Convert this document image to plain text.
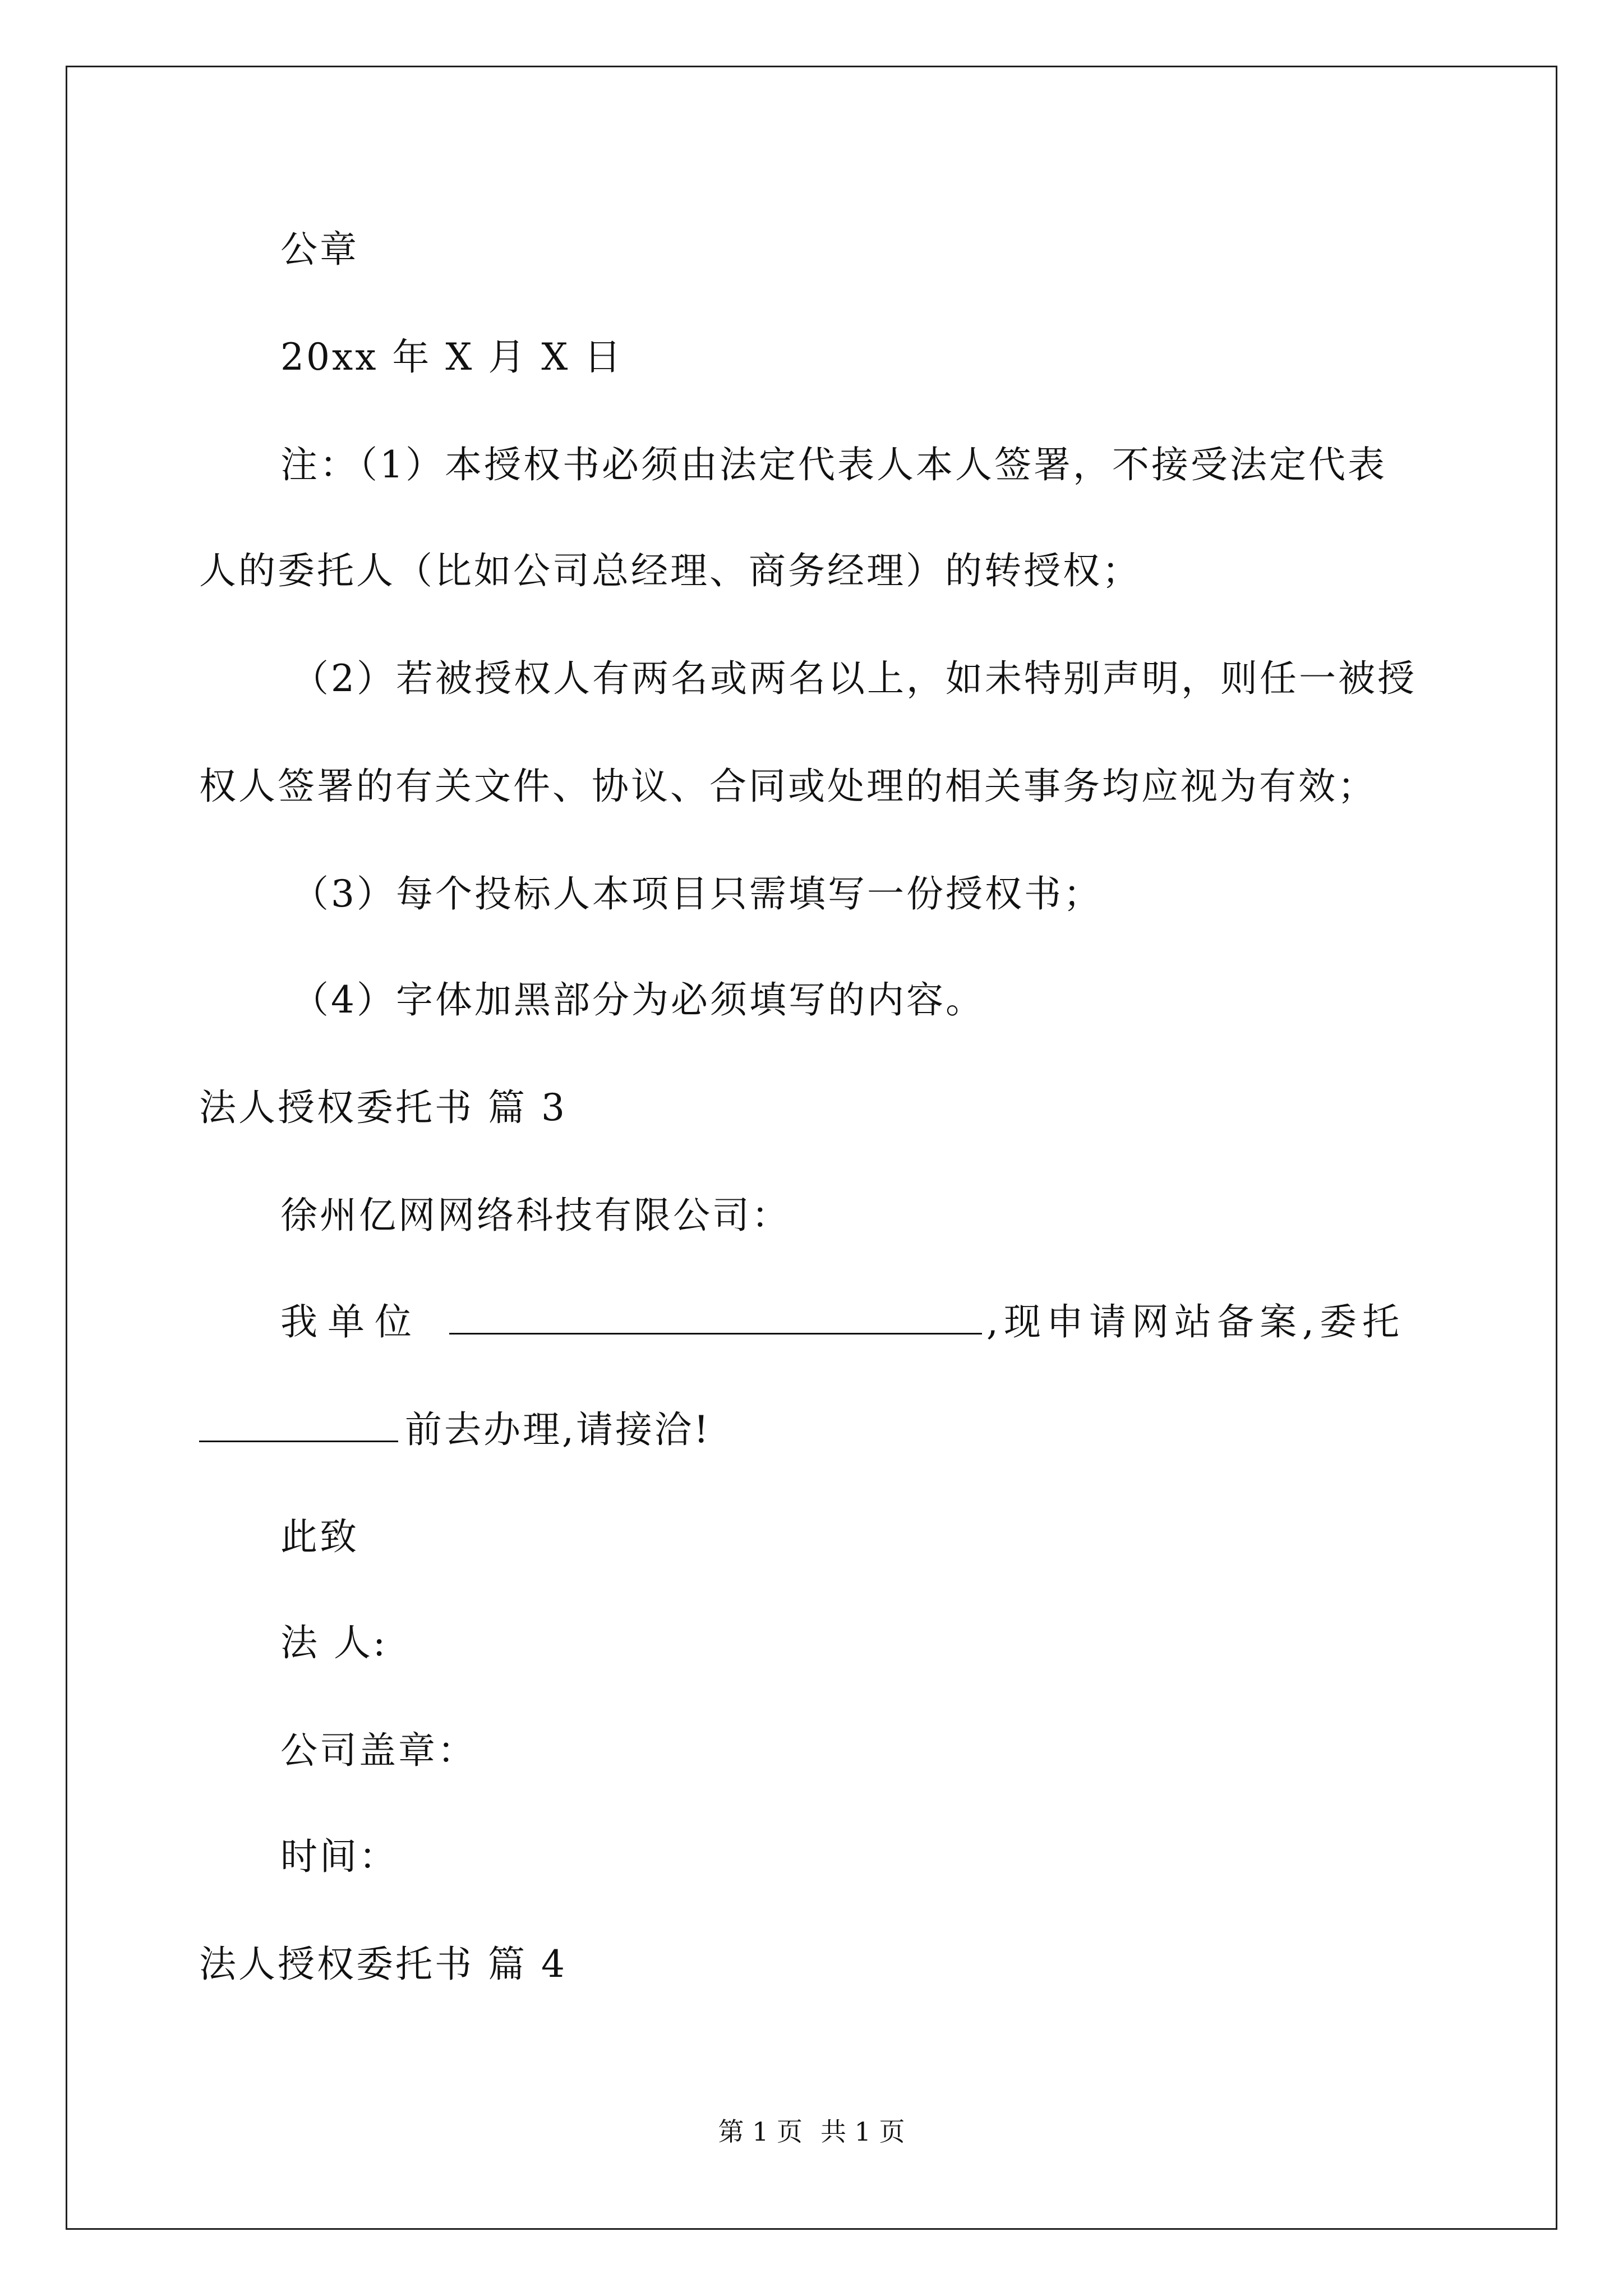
公章
20xx 年 X 月 X 日
注：（1）本授权书必须由法定代表人本人签署，不接受法定代表
人的委托人（比如公司总经理、商务经理）的转授权；
（2）若被授权人有两名或两名以上，如未特别声明，则任一被授
权人签署的有关文件、协议、合同或处理的相关事务均应视为有效；
（3）每个投标人本项目只需填写一份授权书；
（4）字体加黑部分为必须填写的内容。
法人授权委托书 篇 3
徐州亿网网络科技有限公司：
我单位	,现申请网站备案,委托
前去办理,请接洽!
此致
法 人:
公司盖章：
时间：
法人授权委托书 篇 4
第 1 页 共 1 页
